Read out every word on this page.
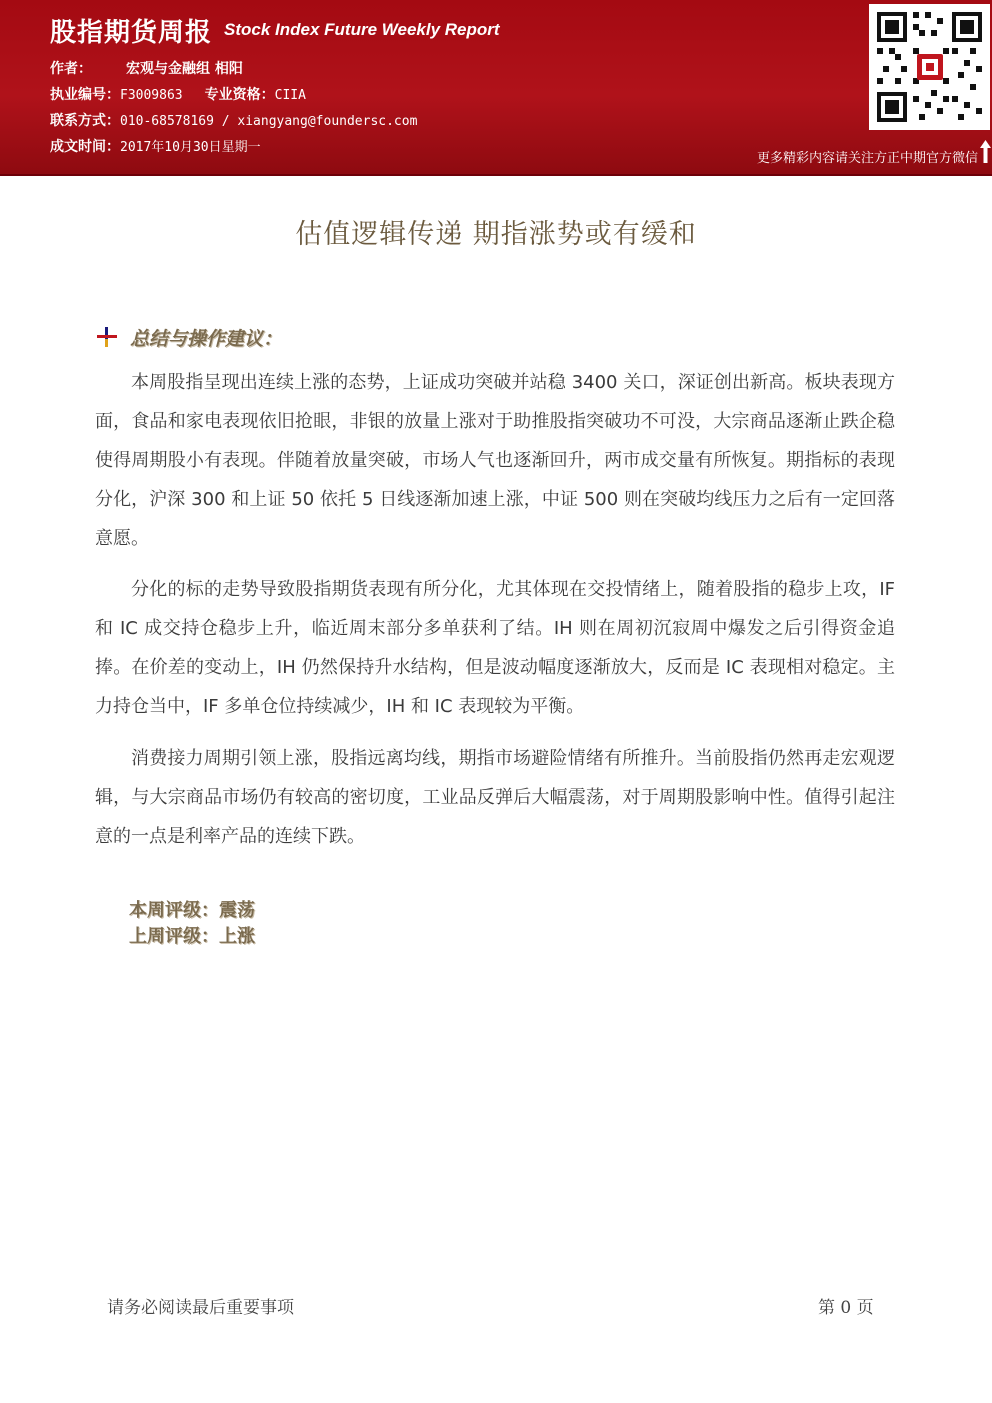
股指期货周报 Stock Index Future Weekly Report
作者： 宏观与金融组 相阳
执业编号：F3009863 专业资格：CIIA
联系方式：010-68578169 / xiangyang@foundersc.com
成文时间：2017年10月30日星期一
更多精彩内容请关注方正中期官方微信
估值逻辑传递 期指涨势或有缓和
总结与操作建议：

本周股指呈现出连续上涨的态势，上证成功突破并站稳 3400 关口，深证创出新高。板块表现方面，食品和家电表现依旧抢眼，非银的放量上涨对于助推股指突破功不可没，大宗商品逐渐止跌企稳使得周期股小有表现。伴随着放量突破，市场人气也逐渐回升，两市成交量有所恢复。期指标的表现分化，沪深 300 和上证 50 依托 5 日线逐渐加速上涨，中证 500 则在突破均线压力之后有一定回落意愿。

分化的标的走势导致股指期货表现有所分化，尤其体现在交投情绪上，随着股指的稳步上攻，IF 和 IC 成交持仓稳步上升，临近周末部分多单获利了结。IH 则在周初沉寂周中爆发之后引得资金追捧。在价差的变动上，IH 仍然保持升水结构，但是波动幅度逐渐放大，反而是 IC 表现相对稳定。主力持仓当中，IF 多单仓位持续减少，IH 和 IC 表现较为平衡。

消费接力周期引领上涨，股指远离均线，期指市场避险情绪有所推升。当前股指仍然再走宏观逻辑，与大宗商品市场仍有较高的密切度，工业品反弹后大幅震荡，对于周期股影响中性。值得引起注意的一点是利率产品的连续下跌。

本周评级：震荡
上周评级：上涨
请务必阅读最后重要事项	第 0 页
